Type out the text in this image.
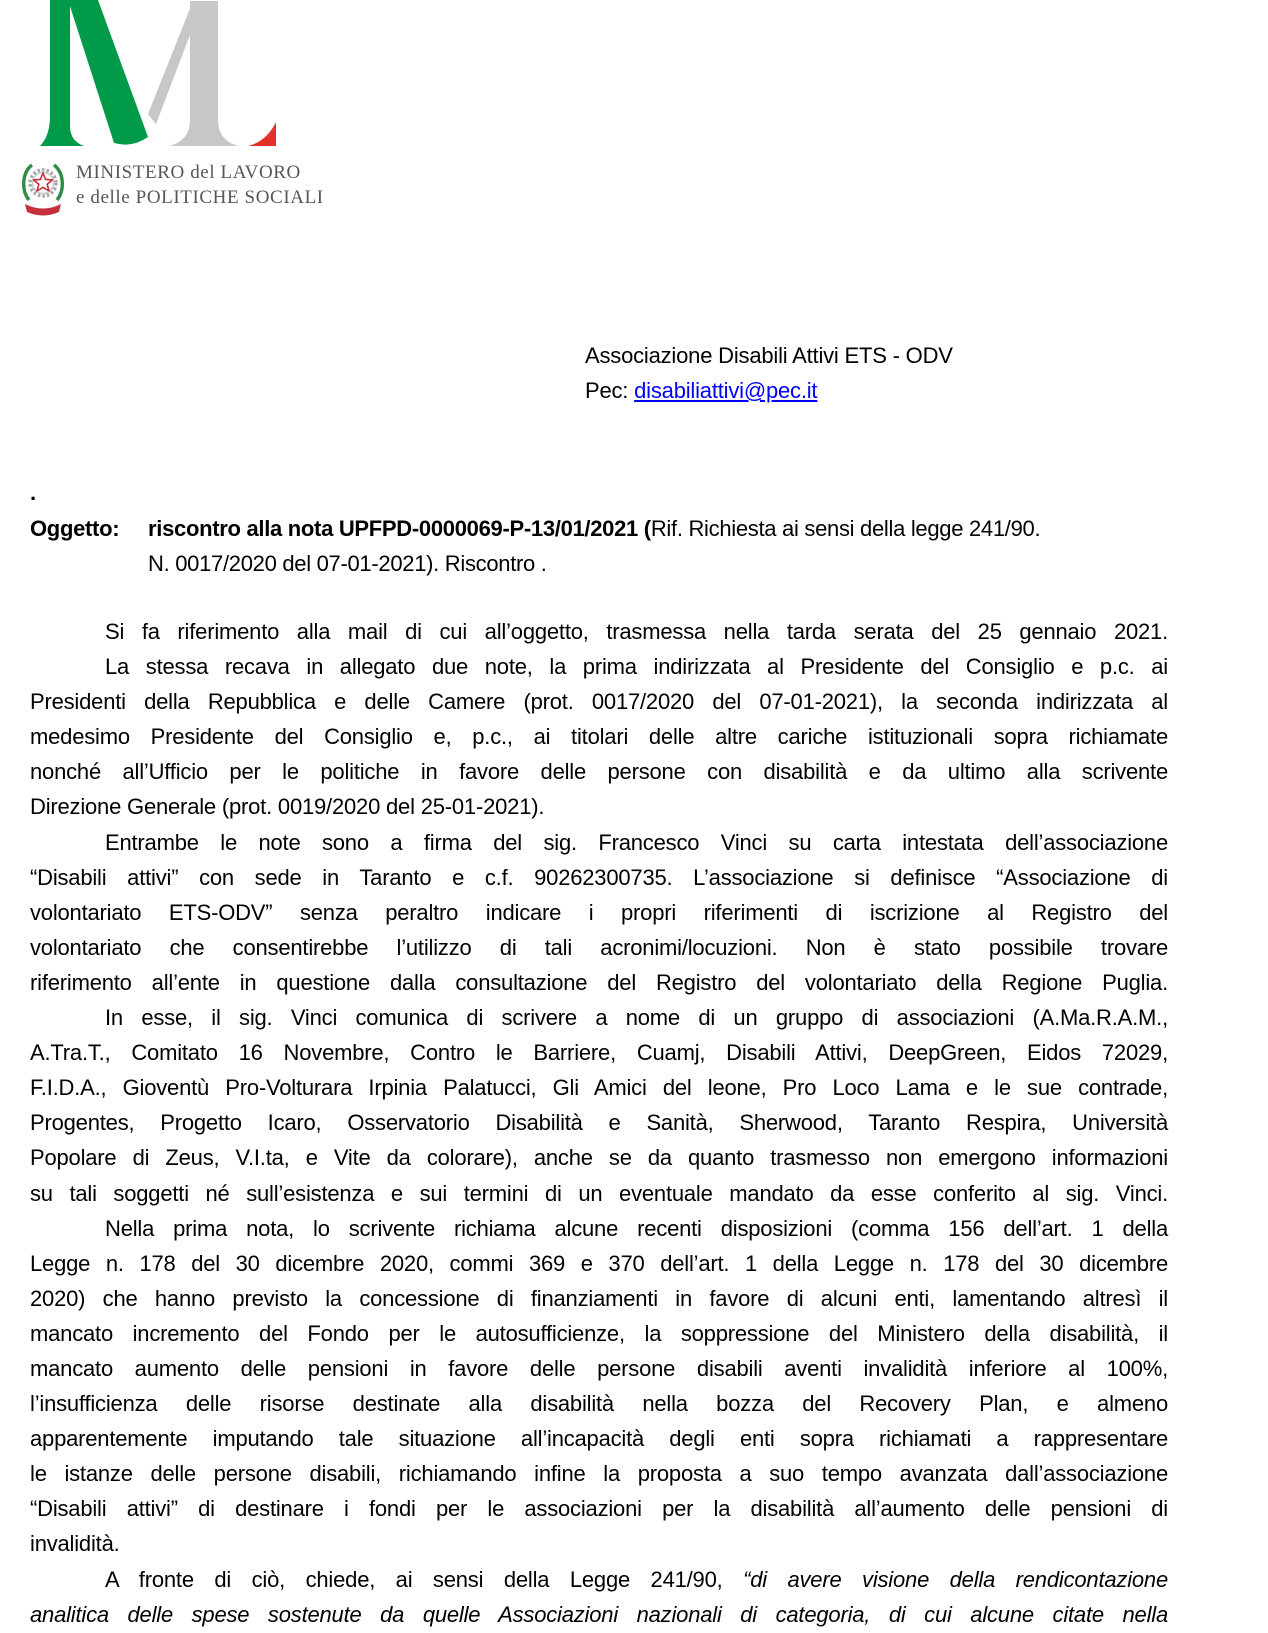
MINISTERO del LAVORO
e delle POLITICHE SOCIALI
Associazione Disabili Attivi ETS - ODV
Pec: disabiliattivi@pec.it
.
Oggetto: riscontro alla nota UPFPD-0000069-P-13/01/2021 (Rif. Richiesta ai sensi della legge 241/90.
N. 0017/2020 del 07-01-2021). Riscontro .
Si fa riferimento alla mail di cui all’oggetto, trasmessa nella tarda serata del 25 gennaio 2021.
La stessa recava in allegato due note, la prima indirizzata al Presidente del Consiglio e p.c. ai
Presidenti della Repubblica e delle Camere (prot. 0017/2020 del 07-01-2021), la seconda indirizzata al
medesimo Presidente del Consiglio e, p.c., ai titolari delle altre cariche istituzionali sopra richiamate
nonché all’Ufficio per le politiche in favore delle persone con disabilità e da ultimo alla scrivente
Direzione Generale (prot. 0019/2020 del 25-01-2021).
Entrambe le note sono a firma del sig. Francesco Vinci su carta intestata dell’associazione
“Disabili attivi” con sede in Taranto e c.f. 90262300735. L’associazione si definisce “Associazione di
volontariato ETS-ODV” senza peraltro indicare i propri riferimenti di iscrizione al Registro del
volontariato che consentirebbe l’utilizzo di tali acronimi/locuzioni. Non è stato possibile trovare
riferimento all’ente in questione dalla consultazione del Registro del volontariato della Regione Puglia.
In esse, il sig. Vinci comunica di scrivere a nome di un gruppo di associazioni (A.Ma.R.A.M.,
A.Tra.T., Comitato 16 Novembre, Contro le Barriere, Cuamj, Disabili Attivi, DeepGreen, Eidos 72029,
F.I.D.A., Gioventù Pro-Volturara Irpinia Palatucci, Gli Amici del leone, Pro Loco Lama e le sue contrade,
Progentes, Progetto Icaro, Osservatorio Disabilità e Sanità, Sherwood, Taranto Respira, Università
Popolare di Zeus, V.I.ta, e Vite da colorare), anche se da quanto trasmesso non emergono informazioni
su tali soggetti né sull’esistenza e sui termini di un eventuale mandato da esse conferito al sig. Vinci.
Nella prima nota, lo scrivente richiama alcune recenti disposizioni (comma 156 dell’art. 1 della
Legge n. 178 del 30 dicembre 2020, commi 369 e 370 dell’art. 1 della Legge n. 178 del 30 dicembre
2020) che hanno previsto la concessione di finanziamenti in favore di alcuni enti, lamentando altresì il
mancato incremento del Fondo per le autosufficienze, la soppressione del Ministero della disabilità, il
mancato aumento delle pensioni in favore delle persone disabili aventi invalidità inferiore al 100%,
l’insufficienza delle risorse destinate alla disabilità nella bozza del Recovery Plan, e almeno
apparentemente imputando tale situazione all’incapacità degli enti sopra richiamati a rappresentare
le istanze delle persone disabili, richiamando infine la proposta a suo tempo avanzata dall’associazione
“Disabili attivi” di destinare i fondi per le associazioni per la disabilità all’aumento delle pensioni di
invalidità.
A fronte di ciò, chiede, ai sensi della Legge 241/90, “di avere visione della rendicontazione
analitica delle spese sostenute da quelle Associazioni nazionali di categoria, di cui alcune citate nella
